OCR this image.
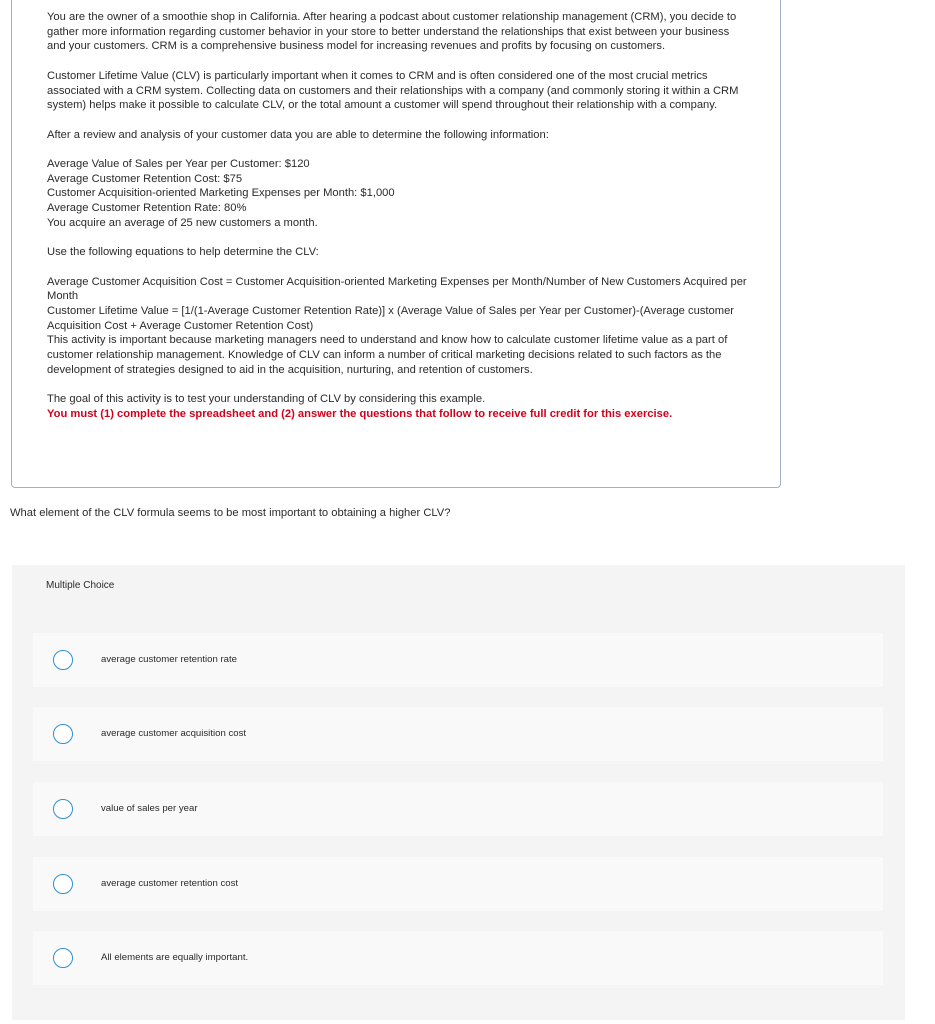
You are the owner of a smoothie shop in California. After hearing a podcast about customer relationship management (CRM), you decide to gather more information regarding customer behavior in your store to better understand the relationships that exist between your business and your customers. CRM is a comprehensive business model for increasing revenues and profits by focusing on customers.

Customer Lifetime Value (CLV) is particularly important when it comes to CRM and is often considered one of the most crucial metrics associated with a CRM system. Collecting data on customers and their relationships with a company (and commonly storing it within a CRM system) helps make it possible to calculate CLV, or the total amount a customer will spend throughout their relationship with a company.

After a review and analysis of your customer data you are able to determine the following information:

Average Value of Sales per Year per Customer: $120

Average Customer Retention Cost: $75

Customer Acquisition-oriented Marketing Expenses per Month: $1,000

Average Customer Retention Rate: 80%

You acquire an average of 25 new customers a month.

Use the following equations to help determine the CLV:

Average Customer Acquisition Cost = Customer Acquisition-oriented Marketing Expenses per Month/Number of New Customers Acquired per Month

Customer Lifetime Value = [1/(1-Average Customer Retention Rate)] x (Average Value of Sales per Year per Customer)-(Average customer Acquisition Cost + Average Customer Retention Cost)

This activity is important because marketing managers need to understand and know how to calculate customer lifetime value as a part of customer relationship management. Knowledge of CLV can inform a number of critical marketing decisions related to such factors as the development of strategies designed to aid in the acquisition, nurturing, and retention of customers.

The goal of this activity is to test your understanding of CLV by considering this example.

You must (1) complete the spreadsheet and (2) answer the questions that follow to receive full credit for this exercise.

What element of the CLV formula seems to be most important to obtaining a higher CLV?
Multiple Choice
average customer retention rate
average customer acquisition cost
value of sales per year
average customer retention cost
All elements are equally important.
